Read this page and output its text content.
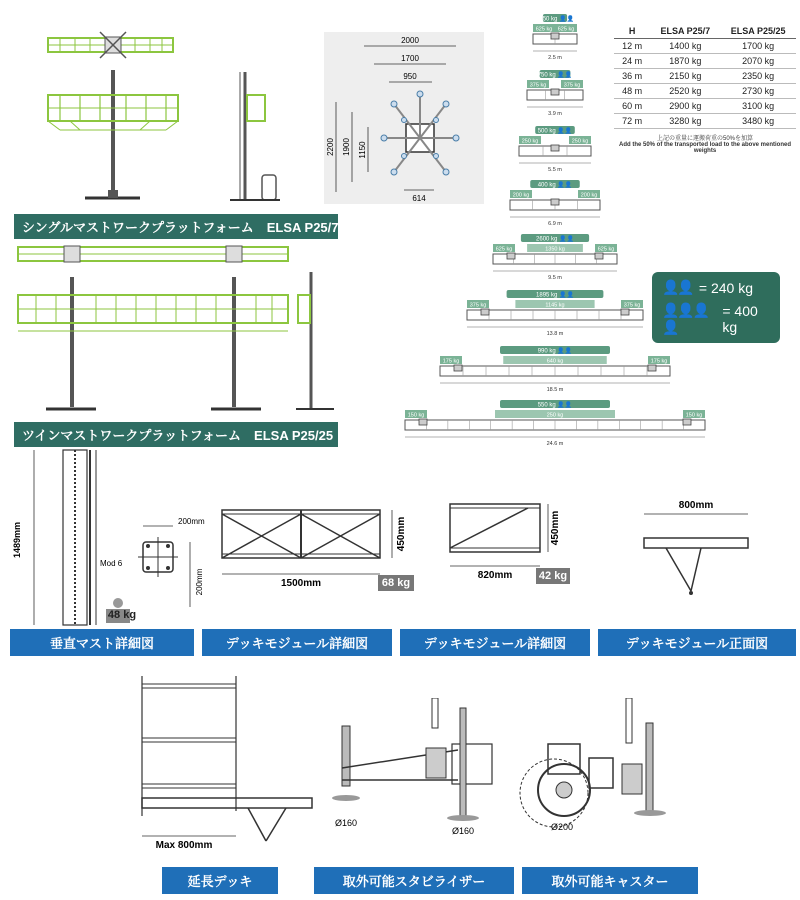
シングルマストワークプラットフォーム　ELSA P25/7
ツインマストワークプラットフォーム　ELSA P25/25
2000
1700
950
2200 1900 1150
614
1250 kg 👤👤
625 kg 625 kg
2.5 m
750 kg 👤👤
375 kg	375 kg
3.9 m
500 kg 👤👤
250 kg	250 kg
5.5 m
400 kg 👤👤
200 kg	200 kg
6.9 m
2600 kg 👤👤
625 kg	625 kg
1350 kg
9.5 m
1895 kg 👤👤
375 kg	375 kg
1145 kg
13.8 m
990 kg 👤👤
175 kg	175 kg
640 kg
18.5 m
550 kg 👤👤
150 kg	150 kg
250 kg
24.6 m
H	ELSA P25/7	ELSA P25/25
12 m	1400 kg	1700 kg
24 m	1870 kg	2070 kg
36 m	2150 kg	2350 kg
48 m	2520 kg	2730 kg
60 m	2900 kg	3100 kg
72 m	3280 kg	3480 kg
上記の重量に運搬荷重の50%を加算
Add the 50% of the transported load to the above mentioned weights
👤👤 = 240 kg
👤👤👤👤
= 400 kg
1489mm
48 kg
Mod 6
200mm
200mm	1500mm
450mm
68 kg
820mm
450mm
42 kg
800mm
垂直マスト詳細図	デッキモジュール詳細図	デッキモジュール詳細図	デッキモジュール正面図
Max 800mm
Ø160
Ø160	Ø200
延長デッキ	取外可能スタビライザー	取外可能キャスター
